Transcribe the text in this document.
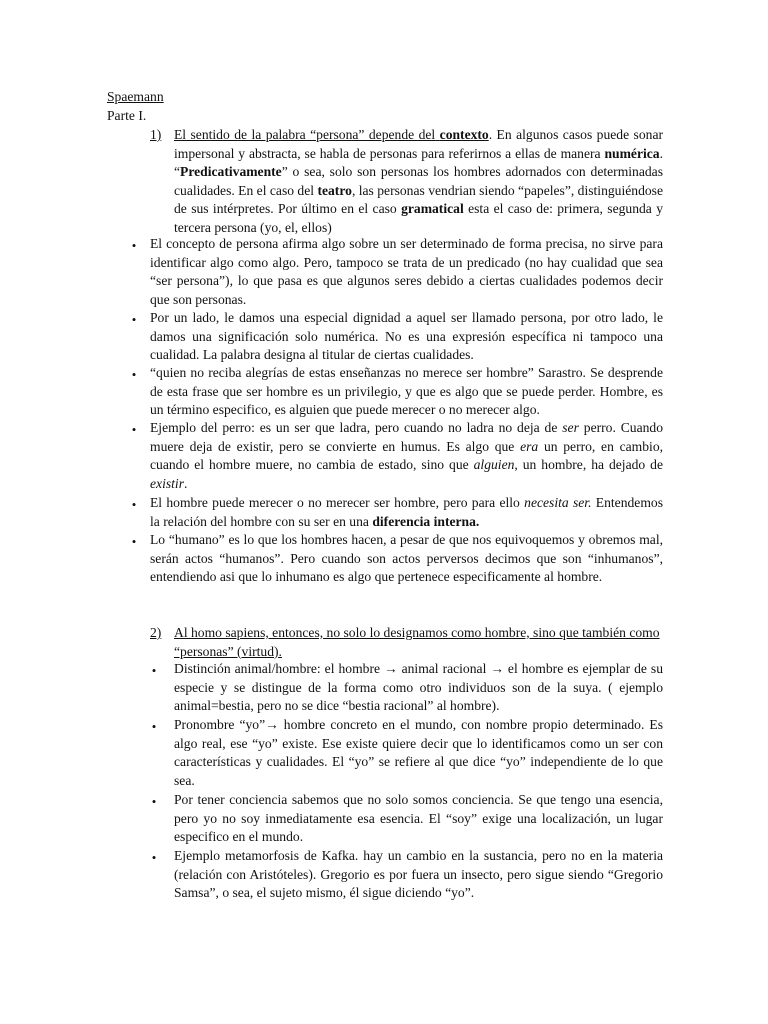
Spaemann
Parte I.
1) El sentido de la palabra “persona” depende del contexto. En algunos casos puede sonar impersonal y abstracta, se habla de personas para referirnos a ellas de manera numérica. “Predicativamente” o sea, solo son personas los hombres adornados con determinadas cualidades. En el caso del teatro, las personas vendrian siendo “papeles”, distinguiéndose de sus intérpretes. Por último en el caso gramatical esta el caso de: primera, segunda y tercera persona (yo, el, ellos)
• El concepto de persona afirma algo sobre un ser determinado de forma precisa, no sirve para identificar algo como algo. Pero, tampoco se trata de un predicado (no hay cualidad que sea “ser persona”), lo que pasa es que algunos seres debido a ciertas cualidades podemos decir que son personas.
• Por un lado, le damos una especial dignidad a aquel ser llamado persona, por otro lado, le damos una significación solo numérica. No es una expresión específica ni tampoco una cualidad. La palabra designa al titular de ciertas cualidades.
• “quien no reciba alegrías de estas enseñanzas no merece ser hombre” Sarastro. Se desprende de esta frase que ser hombre es un privilegio, y que es algo que se puede perder. Hombre, es un término especifico, es alguien que puede merecer o no merecer algo.
• Ejemplo del perro: es un ser que ladra, pero cuando no ladra no deja de ser perro. Cuando muere deja de existir, pero se convierte en humus. Es algo que era un perro, en cambio, cuando el hombre muere, no cambia de estado, sino que alguien, un hombre, ha dejado de existir.
• El hombre puede merecer o no merecer ser hombre, pero para ello necesita ser. Entendemos la relación del hombre con su ser en una diferencia interna.
• Lo “humano” es lo que los hombres hacen, a pesar de que nos equivoquemos y obremos mal, serán actos “humanos”. Pero cuando son actos perversos decimos que son “inhumanos”, entendiendo asi que lo inhumano es algo que pertenece especificamente al hombre.
2) Al homo sapiens, entonces, no solo lo designamos como hombre, sino que también como “personas” (virtud).
• Distinción animal/hombre: el hombre → animal racional → el hombre es ejemplar de su especie y se distingue de la forma como otro individuos son de la suya. ( ejemplo animal=bestia, pero no se dice “bestia racional” al hombre).
• Pronombre “yo”→ hombre concreto en el mundo, con nombre propio determinado. Es algo real, ese “yo” existe. Ese existe quiere decir que lo identificamos como un ser con características y cualidades. El “yo” se refiere al que dice “yo” independiente de lo que sea.
• Por tener conciencia sabemos que no solo somos conciencia. Se que tengo una esencia, pero yo no soy inmediatamente esa esencia. El “soy” exige una localización, un lugar especifico en el mundo.
• Ejemplo metamorfosis de Kafka. hay un cambio en la sustancia, pero no en la materia (relación con Aristóteles). Gregorio es por fuera un insecto, pero sigue siendo “Gregorio Samsa”, o sea, el sujeto mismo, él sigue diciendo “yo”.
